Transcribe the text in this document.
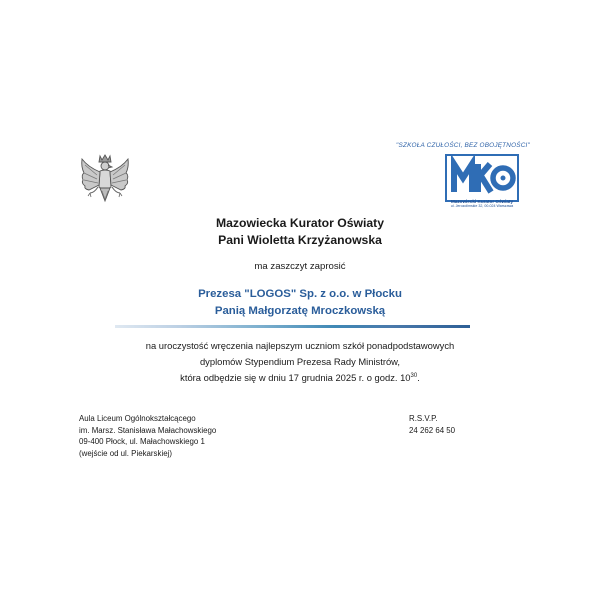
"SZKOŁA CZUŁOŚCI, BEZ OBOJĘTNOŚCI"
Mazowiecki Kurator Oświaty
ul. Jerozolimskie 32, 00-024 Warszawa
Mazowiecka Kurator Oświaty
Pani Wioletta Krzyżanowska
ma zaszczyt zaprosić
Prezesa "LOGOS" Sp. z o.o. w Płocku
Panią Małgorzatę Mroczkowską
na uroczystość wręczenia najlepszym uczniom szkół ponadpodstawowych
dyplomów Stypendium Prezesa Rady Ministrów,
która odbędzie się w dniu 17 grudnia 2025 r. o godz. $10^{30}$.
Aula Liceum Ogólnokształcącego
im. Marsz. Stanisława Małachowskiego
09-400 Płock, ul. Małachowskiego 1
(wejście od ul. Piekarskiej)
R.S.V.P.
24 262 64 50
